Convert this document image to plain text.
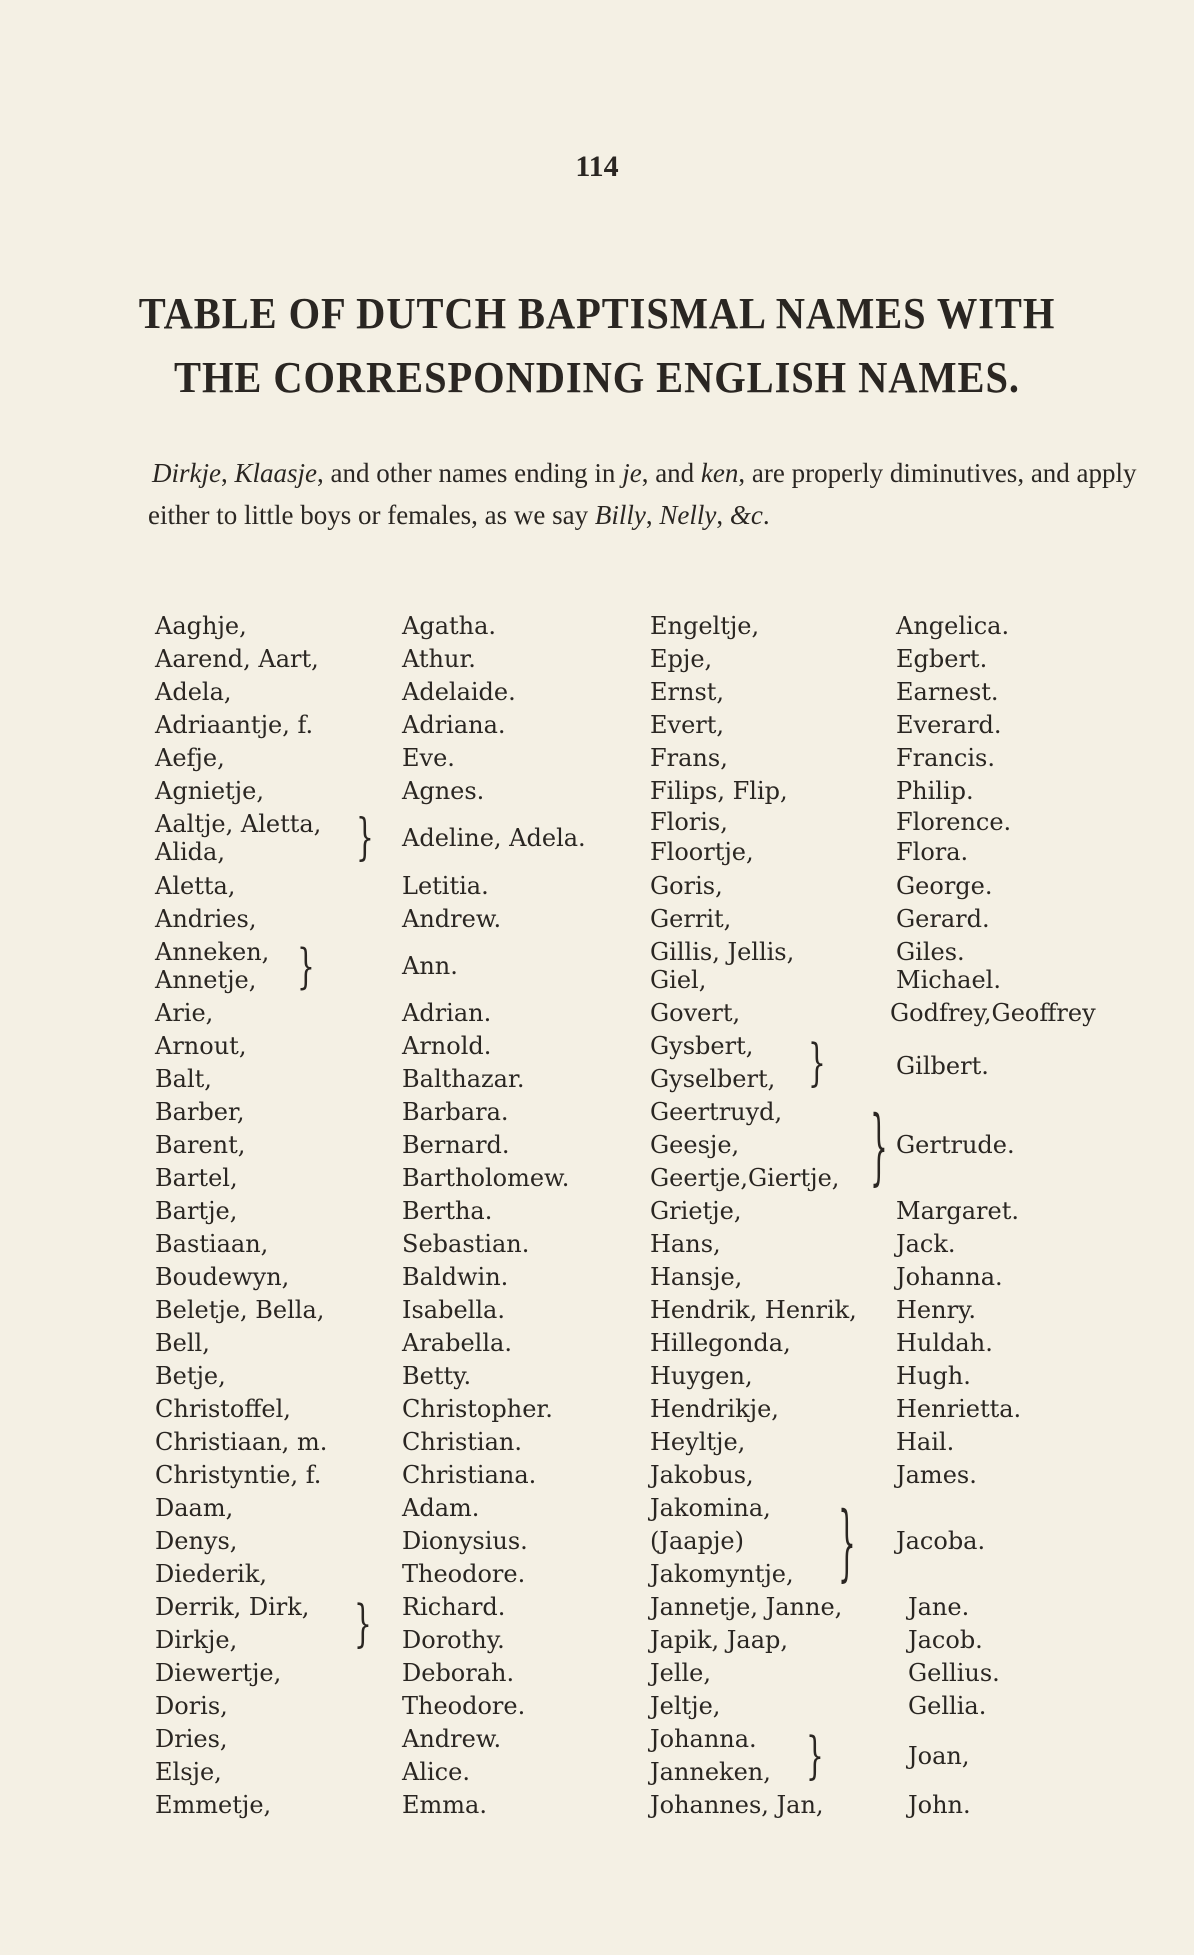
114
TABLE OF DUTCH BAPTISMAL NAMES WITH
THE CORRESPONDING ENGLISH NAMES.
Dirkje, Klaasje, and other names ending in je, and ken, are properly diminutives, and apply either to little boys or females, as we say Billy, Nelly, &c.
Aaghje,
Aarend, Aart,
Adela,
Adriaantje, f.
Aefje,
Agnietje,
Aaltje, Aletta,
Alida,
Aletta,
Andries,
Anneken,
Annetje,
Arie,
Arnout,
Balt,
Barber,
Barent,
Bartel,
Bartje,
Bastiaan,
Boudewyn,
Beletje, Bella,
Bell,
Betje,
Christoffel,
Christiaan, m.
Christyntie, f.
Daam,
Denys,
Diederik,
Derrik, Dirk,
Dirkje,
Diewertje,
Doris,
Dries,
Elsje,
Emmetje,
Agatha.
Athur.
Adelaide.
Adriana.
Eve.
Agnes.
Adeline, Adela.
Letitia.
Andrew.
Ann.
Adrian.
Arnold.
Balthazar.
Barbara.
Bernard.
Bartholomew.
Bertha.
Sebastian.
Baldwin.
Isabella.
Arabella.
Betty.
Christopher.
Christian.
Christiana.
Adam.
Dionysius.
Theodore.
Richard.
Dorothy.
Deborah.
Theodore.
Andrew.
Alice.
Emma.
Engeltje,
Epje,
Ernst,
Evert,
Frans,
Filips, Flip,
Floris,
Floortje,
Goris,
Gerrit,
Gillis, Jellis,
Giel,
Govert,
Gysbert,
Gyselbert,
Geertruyd,
Geesje,
Geertje,Giertje,
Grietje,
Hans,
Hansje,
Hendrik, Henrik,
Hillegonda,
Huygen,
Hendrikje,
Heyltje,
Jakobus,
Jakomina,
(Jaapje)
Jakomyntje,
Jannetje, Janne,
Japik, Jaap,
Jelle,
Jeltje,
Johanna.
Janneken,
Johannes, Jan,
Angelica.
Egbert.
Earnest.
Everard.
Francis.
Philip.
Florence.
Flora.
George.
Gerard.
Giles.
Michael.
Godfrey,Geoffrey
Gilbert.
Gertrude.
Margaret.
Jack.
Johanna.
Henry.
Huldah.
Hugh.
Henrietta.
Hail.
James.
Jacoba.
Jane.
Jacob.
Gellius.
Gellia.
Joan,
John.
}
}
}
}
}
}
}
